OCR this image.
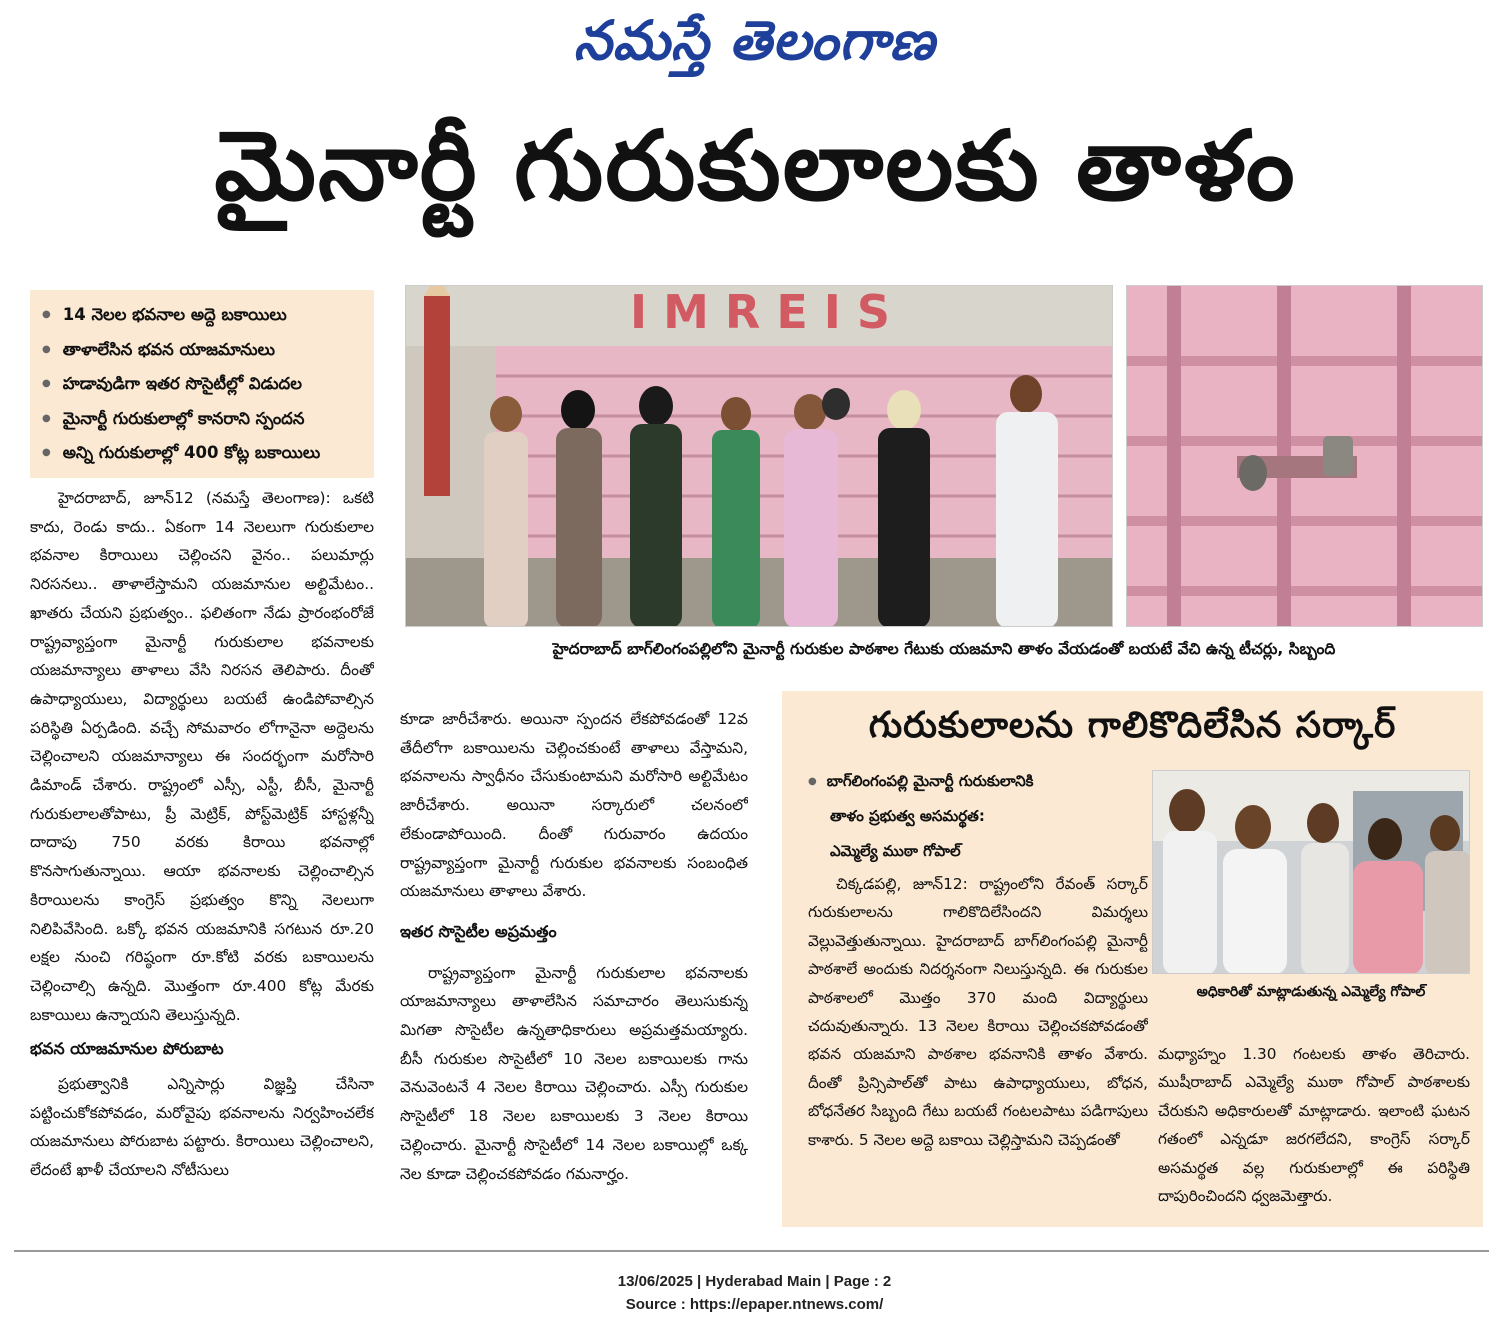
నమస్తే తెలంగాణ
మైనార్టీ గురుకులాలకు తాళం
● 14 నెలల భవనాల అద్దె బకాయిలు
● తాళాలేసిన భవన యాజమానులు
● హడావుడిగా ఇతర సొసైటీల్లో విడుదల
● మైనార్టీ గురుకులాల్లో కానరాని స్పందన
● అన్ని గురుకులాల్లో 400 కోట్ల బకాయిలు

హైదరాబాద్, జూన్12 (నమస్తే తెలంగాణ): ఒకటి కాదు, రెండు కాదు.. ఏకంగా 14 నెలలుగా గురుకులాల భవనాల కిరాయిలు చెల్లించని వైనం.. పలుమార్లు నిరసనలు.. తాళాలేస్తామని యజమానుల అల్టిమేటం.. ఖాతరు చేయని ప్రభుత్వం.. ఫలితంగా నేడు ప్రారంభంరోజే రాష్ట్రవ్యాప్తంగా మైనార్టీ గురుకులాల భవనాలకు యజమాన్యాలు తాళాలు వేసి నిరసన తెలిపారు. దీంతో ఉపాధ్యాయులు, విద్యార్థులు బయటే ఉండిపోవాల్సిన పరిస్థితి ఏర్పడింది. వచ్చే సోమవారం లోగానైనా అద్దెలను చెల్లించాలని యజమాన్యాలు ఈ సందర్భంగా మరోసారి డిమాండ్ చేశారు. రాష్ట్రంలో ఎస్సీ, ఎస్టీ, బీసీ, మైనార్టీ గురుకులాలతోపాటు, ప్రీ మెట్రిక్, పోస్ట్‌మెట్రిక్ హాస్టళ్లన్నీ దాదాపు 750 వరకు కిరాయి భవనాల్లో కొనసాగుతున్నాయి. ఆయా భవనాలకు చెల్లించాల్సిన కిరాయిలను కాంగ్రెస్ ప్రభుత్వం కొన్ని నెలలుగా నిలిపివేసింది. ఒక్కో భవన యజమానికి సగటున రూ.20 లక్షల నుంచి గరిష్ఠంగా రూ.కోటి వరకు బకాయిలను చెల్లించాల్సి ఉన్నది. మొత్తంగా రూ.400 కోట్ల మేరకు బకాయిలు ఉన్నాయని తెలుస్తున్నది.

భవన యాజమానుల పోరుబాట

ప్రభుత్వానికి ఎన్నిసార్లు విజ్ఞప్తి చేసినా పట్టించుకోకపోవడం, మరోవైపు భవనాలను నిర్వహించలేక యజమానులు పోరుబాట పట్టారు. కిరాయిలు చెల్లించాలని, లేదంటే ఖాళీ చేయాలని నోటీసులు

I M R E I S
హైదరాబాద్ బాగ్‌లింగంపల్లిలోని మైనార్టీ గురుకుల పాఠశాల గేటుకు యజమాని తాళం వేయడంతో బయటే వేచి ఉన్న టీచర్లు, సిబ్బంది

కూడా జారీచేశారు. అయినా స్పందన లేకపోవడంతో 12వ తేదీలోగా బకాయిలను చెల్లించకుంటే తాళాలు వేస్తామని, భవనాలను స్వాధీనం చేసుకుంటామని మరోసారి అల్టిమేటం జారీచేశారు. అయినా సర్కారులో చలనంలో లేకుండాపోయింది. దీంతో గురువారం ఉదయం రాష్ట్రవ్యాప్తంగా మైనార్టీ గురుకుల భవనాలకు సంబంధిత యజమానులు తాళాలు వేశారు.

ఇతర సొసైటీల అప్రమత్తం

రాష్ట్రవ్యాప్తంగా మైనార్టీ గురుకులాల భవనాలకు యాజమాన్యాలు తాళాలేసిన సమాచారం తెలుసుకున్న మిగతా సొసైటీల ఉన్నతాధికారులు అప్రమత్తమయ్యారు. బీసీ గురుకుల సొసైటీలో 10 నెలల బకాయిలకు గాను వెనువెంటనే 4 నెలల కిరాయి చెల్లించారు. ఎస్సీ గురుకుల సొసైటీలో 18 నెలల బకాయిలకు 3 నెలల కిరాయి చెల్లించారు. మైనార్టీ సొసైటీలో 14 నెలల బకాయిల్లో ఒక్క నెల కూడా చెల్లించకపోవడం గమనార్హం.

గురుకులాలను గాలికొదిలేసిన సర్కార్
● బాగ్‌లింగంపల్లి మైనార్టీ గురుకులానికి
తాళం ప్రభుత్వ అసమర్థత:
ఎమ్మెల్యే ముఠా గోపాల్
అధికారితో మాట్లాడుతున్న ఎమ్మెల్యే గోపాల్

చిక్కడపల్లి, జూన్12: రాష్ట్రంలోని రేవంత్ సర్కార్ గురుకులాలను గాలికొదిలేసిందని విమర్శలు వెల్లువెత్తుతున్నాయి. హైదరాబాద్ బాగ్‌లింగంపల్లి మైనార్టీ పాఠశాలే అందుకు నిదర్శనంగా నిలుస్తున్నది. ఈ గురుకుల పాఠశాలలో మొత్తం 370 మంది విద్యార్థులు చదువుతున్నారు. 13 నెలల కిరాయి చెల్లించకపోవడంతో భవన యజమాని పాఠశాల భవనానికి తాళం వేశారు. దీంతో ప్రిన్సిపాల్‌తో పాటు ఉపాధ్యాయులు, బోధన, బోధనేతర సిబ్బంది గేటు బయటే గంటలపాటు పడిగాపులు కాశారు. 5 నెలల అద్దె బకాయి చెల్లిస్తామని చెప్పడంతో

మధ్యాహ్నం 1.30 గంటలకు తాళం తెరిచారు. ముషీరాబాద్ ఎమ్మెల్యే ముఠా గోపాల్ పాఠశాలకు చేరుకుని అధికారులతో మాట్లాడారు. ఇలాంటి ఘటన గతంలో ఎన్నడూ జరగలేదని, కాంగ్రెస్ సర్కార్ అసమర్థత వల్ల గురుకులాల్లో ఈ పరిస్థితి దాపురించిందని ధ్వజమెత్తారు.

13/06/2025 | Hyderabad Main | Page : 2
Source : https://epaper.ntnews.com/
